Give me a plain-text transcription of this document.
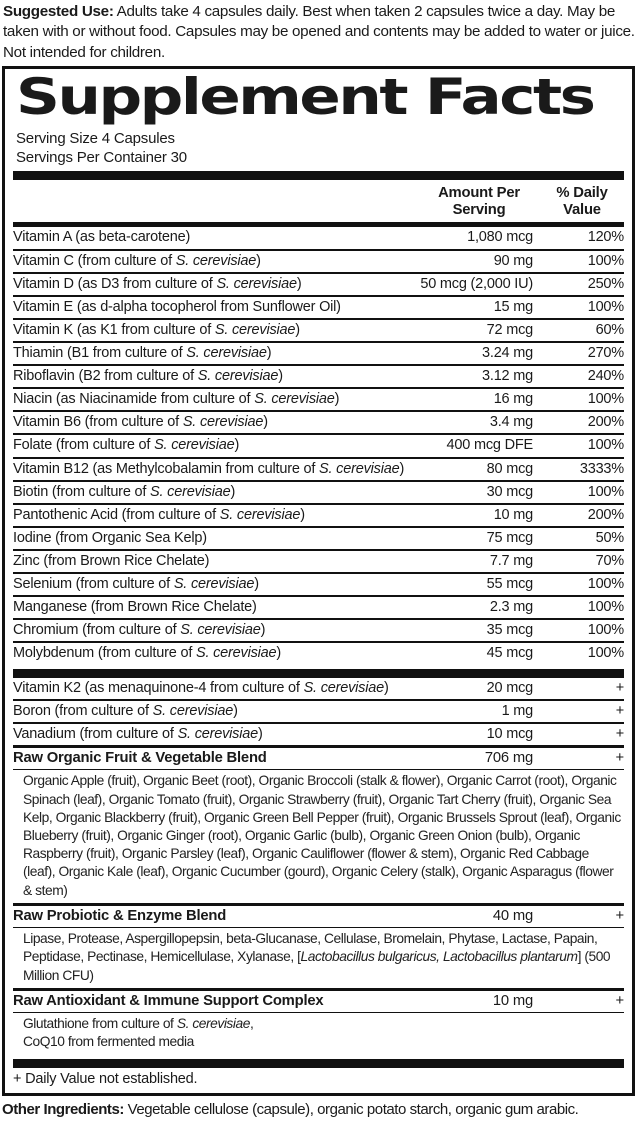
Suggested Use: Adults take 4 capsules daily. Best when taken 2 capsules twice a day. May be taken with or without food. Capsules may be opened and contents may be added to water or juice. Not intended for children.
Supplement Facts
Serving Size 4 Capsules
Servings Per Container 30
Amount Per Serving
% Daily Value
Vitamin A (as beta-carotene)	1,080 mcg	120%
Vitamin C (from culture of S. cerevisiae)	90 mg	100%
Vitamin D (as D3 from culture of S. cerevisiae)	50 mcg (2,000 IU)	250%
Vitamin E (as d-alpha tocopherol from Sunflower Oil)	15 mg	100%
Vitamin K (as K1 from culture of S. cerevisiae)	72 mcg	60%
Thiamin (B1 from culture of S. cerevisiae)	3.24 mg	270%
Riboflavin (B2 from culture of S. cerevisiae)	3.12 mg	240%
Niacin (as Niacinamide from culture of S. cerevisiae)	16 mg	100%
Vitamin B6 (from culture of S. cerevisiae)	3.4 mg	200%
Folate (from culture of S. cerevisiae)	400 mcg DFE	100%
Vitamin B12 (as Methylcobalamin from culture of S. cerevisiae)	80 mcg	3333%
Biotin (from culture of S. cerevisiae)	30 mcg	100%
Pantothenic Acid (from culture of S. cerevisiae)	10 mg	200%
Iodine (from Organic Sea Kelp)	75 mcg	50%
Zinc (from Brown Rice Chelate)	7.7 mg	70%
Selenium (from culture of S. cerevisiae)	55 mcg	100%
Manganese (from Brown Rice Chelate)	2.3 mg	100%
Chromium (from culture of S. cerevisiae)	35 mcg	100%
Molybdenum (from culture of S. cerevisiae)	45 mcg	100%
Vitamin K2 (as menaquinone-4 from culture of S. cerevisiae)	20 mcg	+
Boron (from culture of S. cerevisiae)	1 mg	+
Vanadium (from culture of S. cerevisiae)	10 mcg	+
Raw Organic Fruit & Vegetable Blend	706 mg	+
Organic Apple (fruit), Organic Beet (root), Organic Broccoli (stalk & flower), Organic Carrot (root), Organic Spinach (leaf), Organic Tomato (fruit), Organic Strawberry (fruit), Organic Tart Cherry (fruit), Organic Sea Kelp, Organic Blackberry (fruit), Organic Green Bell Pepper (fruit), Organic Brussels Sprout (leaf), Organic Blueberry (fruit), Organic Ginger (root), Organic Garlic (bulb), Organic Green Onion (bulb), Organic Raspberry (fruit), Organic Parsley (leaf), Organic Cauliflower (flower & stem), Organic Red Cabbage (leaf), Organic Kale (leaf), Organic Cucumber (gourd), Organic Celery (stalk), Organic Asparagus (flower & stem)
Raw Probiotic & Enzyme Blend	40 mg	+
Lipase, Protease, Aspergillopepsin, beta-Glucanase, Cellulase, Bromelain, Phytase, Lactase, Papain, Peptidase, Pectinase, Hemicellulase, Xylanase, [Lactobacillus bulgaricus, Lactobacillus plantarum] (500 Million CFU)
Raw Antioxidant & Immune Support Complex	10 mg	+
Glutathione from culture of S. cerevisiae,
CoQ10 from fermented media
+ Daily Value not established.
Other Ingredients: Vegetable cellulose (capsule), organic potato starch, organic gum arabic.
